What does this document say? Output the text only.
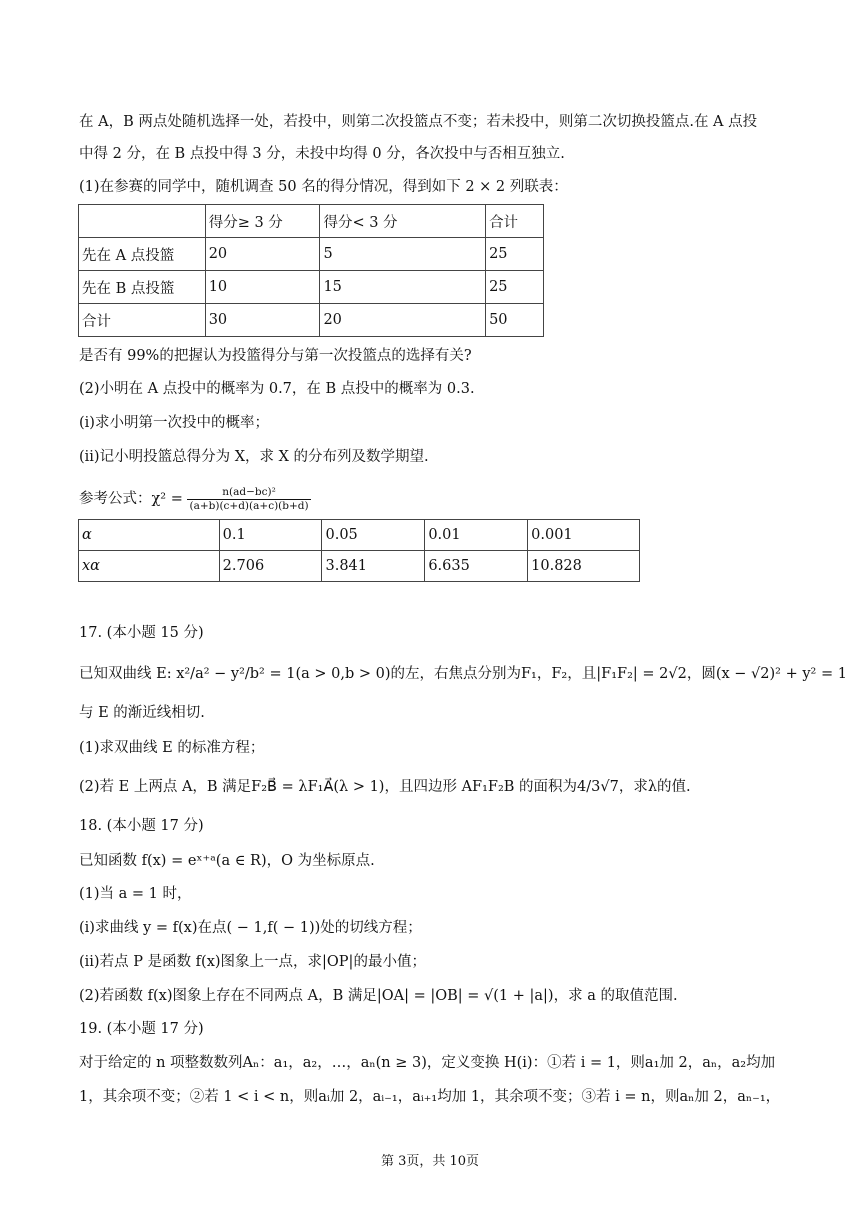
在 A，B 两点处随机选择一处，若投中，则第二次投篮点不变；若未投中，则第二次切换投篮点.在 A 点投
中得 2 分，在 B 点投中得 3 分，未投中均得 0 分，各次投中与否相互独立.
(1)在参赛的同学中，随机调查 50 名的得分情况，得到如下 2 × 2 列联表：
	得分≥ 3 分	得分< 3 分	合计
先在 A 点投篮	20	5	25
先在 B 点投篮	10	15	25
合计	30	20	50
是否有 99%的把握认为投篮得分与第一次投篮点的选择有关?
(2)小明在 A 点投中的概率为 0.7，在 B 点投中的概率为 0.3.
(i)求小明第一次投中的概率；
(ii)记小明投篮总得分为 X，求 X 的分布列及数学期望.
参考公式：$\chi^2 = \frac{\text{n(ad−bc)²}}{(a+b)(c+d)(a+c)(b+d)}$
α	0.1	0.05	0.01	0.001
xα	2.706	3.841	6.635	10.828
17. (本小题 15 分)
已知双曲线 E: x²/a² − y²/b² = 1(a > 0,b > 0)的左，右焦点分别为F₁，F₂，且|F₁F₂| = 2√2，圆(x − √2)² + y² = 1
与 E 的渐近线相切.
(1)求双曲线 E 的标准方程；
(2)若 E 上两点 A，B 满足F₂B⃗ = λF₁A⃗(λ > 1)，且四边形 AF₁F₂B 的面积为4/3√7，求λ的值.
18. (本小题 17 分)
已知函数 f(x) = eˣ⁺ᵃ(a ∈ R)，O 为坐标原点.
(1)当 a = 1 时，
(i)求曲线 y = f(x)在点( − 1,f( − 1))处的切线方程；
(ii)若点 P 是函数 f(x)图象上一点，求|OP|的最小值；
(2)若函数 f(x)图象上存在不同两点 A，B 满足|OA| = |OB| = √(1 + |a|)，求 a 的取值范围.
19. (本小题 17 分)
对于给定的 n 项整数数列Aₙ：a₁，a₂，…，aₙ(n ≥ 3)，定义变换 H(i)：①若 i = 1，则a₁加 2，aₙ，a₂均加
1，其余项不变；②若 1 < i < n，则aᵢ加 2，aᵢ₋₁，aᵢ₊₁均加 1，其余项不变；③若 i = n，则aₙ加 2，aₙ₋₁，
第 3页，共 10页
